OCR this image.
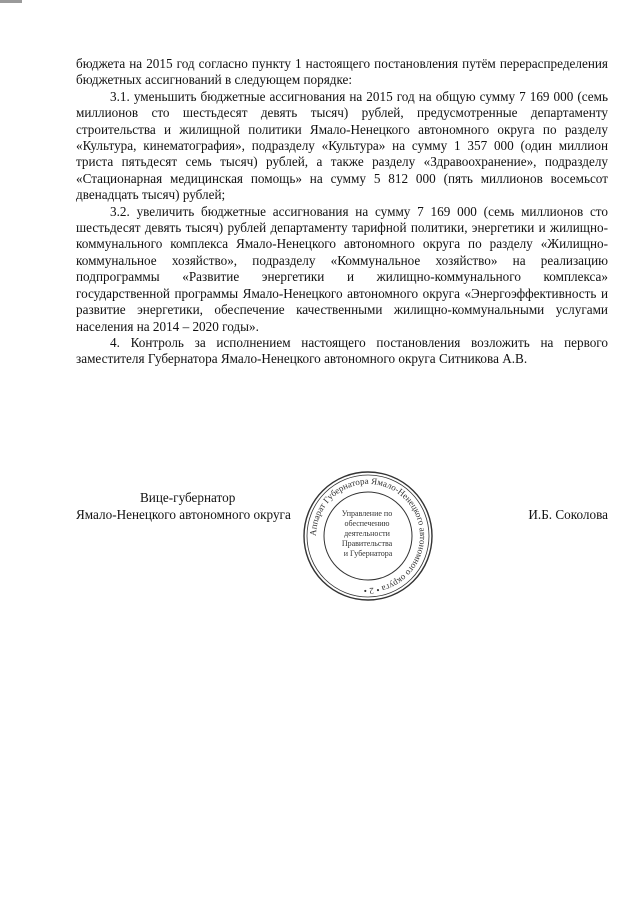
бюджета на 2015 год согласно пункту 1 настоящего постановления путём перераспределения бюджетных ассигнований в следующем порядке:

3.1. уменьшить бюджетные ассигнования на 2015 год на общую сумму 7 169 000 (семь миллионов сто шестьдесят девять тысяч) рублей, предусмотренные департаменту строительства и жилищной политики Ямало-Ненецкого автономного округа по разделу «Культура, кинематография», подразделу «Культура» на сумму 1 357 000 (один миллион триста пятьдесят семь тысяч) рублей, а также разделу «Здравоохранение», подразделу «Стационарная медицинская помощь» на сумму 5 812 000 (пять миллионов восемьсот двенадцать тысяч) рублей;

3.2. увеличить бюджетные ассигнования на сумму 7 169 000 (семь миллионов сто шестьдесят девять тысяч) рублей департаменту тарифной политики, энергетики и жилищно-коммунального комплекса Ямало-Ненецкого автономного округа по разделу «Жилищно-коммунальное хозяйство», подразделу «Коммунальное хозяйство» на реализацию подпрограммы «Развитие энергетики и жилищно-коммунального комплекса» государственной программы Ямало-Ненецкого автономного округа «Энергоэффективность и развитие энергетики, обеспечение качественными жилищно-коммунальными услугами населения на 2014 – 2020 годы».

4. Контроль за исполнением настоящего постановления возложить на первого заместителя Губернатора Ямало-Ненецкого автономного округа Ситникова А.В.

Вице-губернатор
Ямало-Ненецкого автономного округа	И.Б. Соколова
Аппарат Губернатора Ямало-Ненецкого автономного округа • 2 •
Управление по обеспечению деятельности Правительства и Губернатора
